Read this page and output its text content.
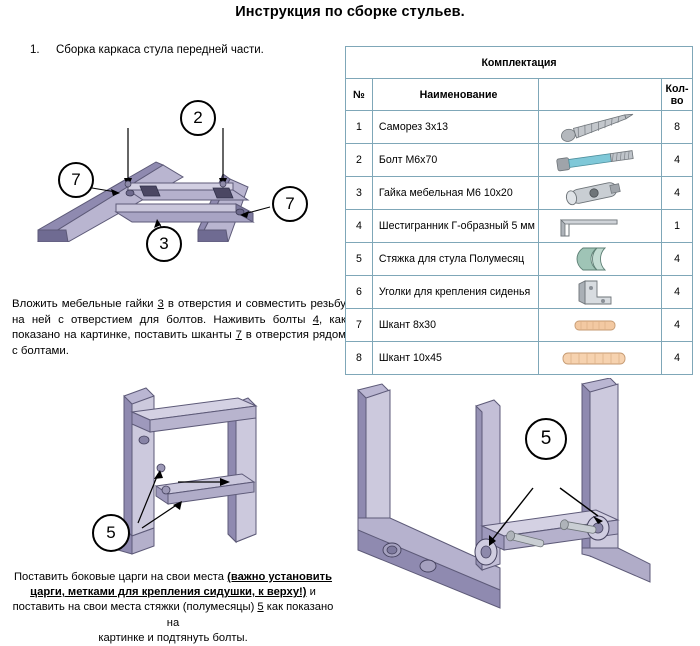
Инструкция по сборке стульев.
1. Сборка каркаса стула передней части.
2
7
7
3
Вложить мебельные гайки 3 в отверстия и совместить резьбу на ней с отверстием для болтов. Наживить болты 4, как показано на картинке, поставить шканты 7 в отверстия рядом с болтами.
Комплектация			
№	Наименование		Кол-во
1	Саморез 3х13		8
2	Болт М6х70		4
3	Гайка мебельная М6 10х20		4
4	Шестигранник Г-образный 5 мм		1
5	Стяжка для стула Полумесяц		4
6	Уголки для крепления сиденья		4
7	Шкант 8х30		4
8	Шкант 10х45		4
5
5
Поставить боковые царги на свои места (важно установить
царги, метками для крепления сидушки, к верху!) и
поставить на свои места стяжки (полумесяцы) 5 как показано на
картинке и подтянуть болты.
